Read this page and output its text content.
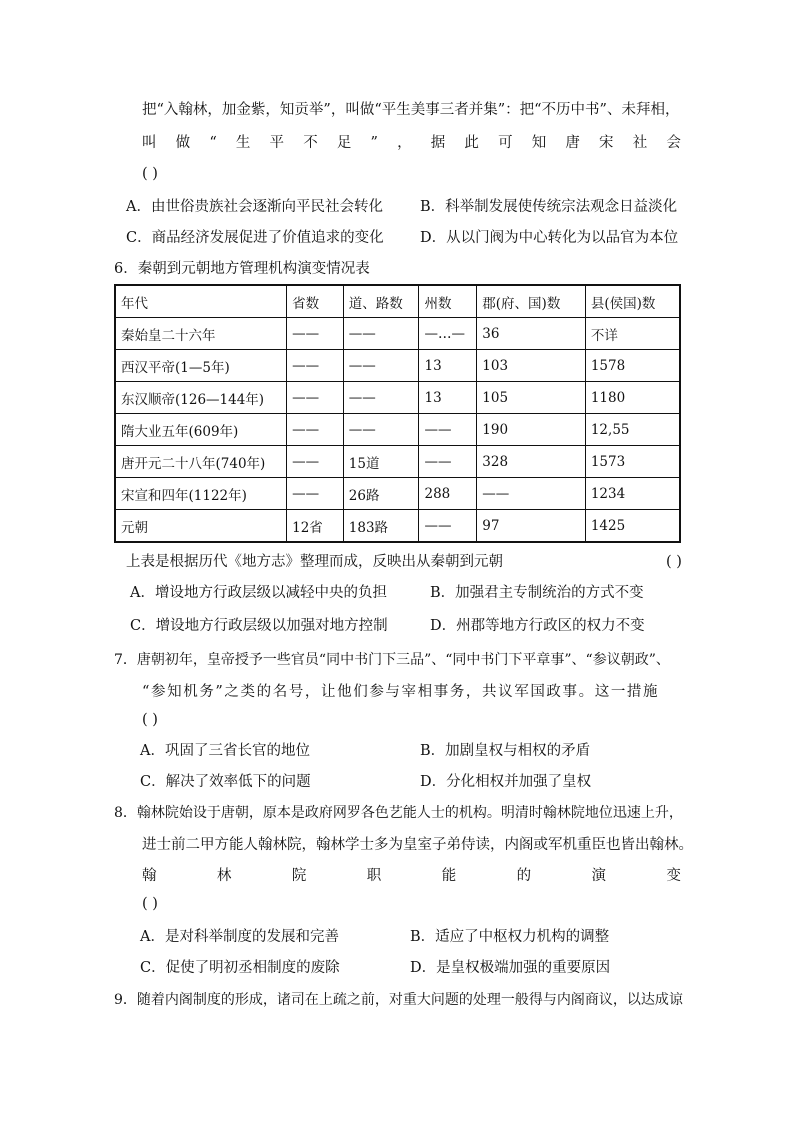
把“入翰林，加金紫，知贡举”，叫做“平生美事三者并集”：把“不历中书”、未拜相，
叫 做 “ 生 平 不 足 ” ， 据 此 可 知 唐 宋 社 会
( )
A．由世俗贵族社会逐渐向平民社会转化	B．科举制发展使传统宗法观念日益淡化
C．商品经济发展促进了价值追求的变化	D．从以门阀为中心转化为以品官为本位
6．秦朝到元朝地方管理机构演变情况表
年代	省数	道、路数	州数	郡(府、国)数	县(侯国)数
秦始皇二十六年	——	——	—…—	36	不详
西汉平帝(1—5年)	——	——	13	103	1578
东汉顺帝(126—144年)	——	——	13	105	1180
隋大业五年(609年)	——	——	——	190	12,55
唐开元二十八年(740年)	——	15道	——	328	1573
宋宣和四年(1122年)	——	26路	288	——	1234
元朝	12省	183路	——	97	1425
上表是根据历代《地方志》整理而成，反映出从秦朝到元朝	( )
A．增设地方行政层级以减轻中央的负担	B．加强君主专制统治的方式不变
C．增设地方行政层级以加强对地方控制	D．州郡等地方行政区的权力不变
7．唐朝初年，皇帝授予一些官员“同中书门下三品”、“同中书门下平章事”、“参议朝政”、
“参知机务”之类的名号，让他们参与宰相事务，共议军国政事。这一措施
( )
A．巩固了三省长官的地位	B．加剧皇权与相权的矛盾
C．解决了效率低下的问题	D．分化相权并加强了皇权
8．翰林院始设于唐朝，原本是政府网罗各色艺能人士的机构。明清时翰林院地位迅速上升，
进士前二甲方能人翰林院，翰林学士多为皇室子弟侍读，内阁或军机重臣也皆出翰林。
翰	林	院	职	能	的	演	变
( )
A．是对科举制度的发展和完善	B．适应了中枢权力机构的调整
C．促使了明初丞相制度的废除	D．是皇权极端加强的重要原因
9．随着内阁制度的形成，诸司在上疏之前，对重大问题的处理一般得与内阁商议，以达成谅
